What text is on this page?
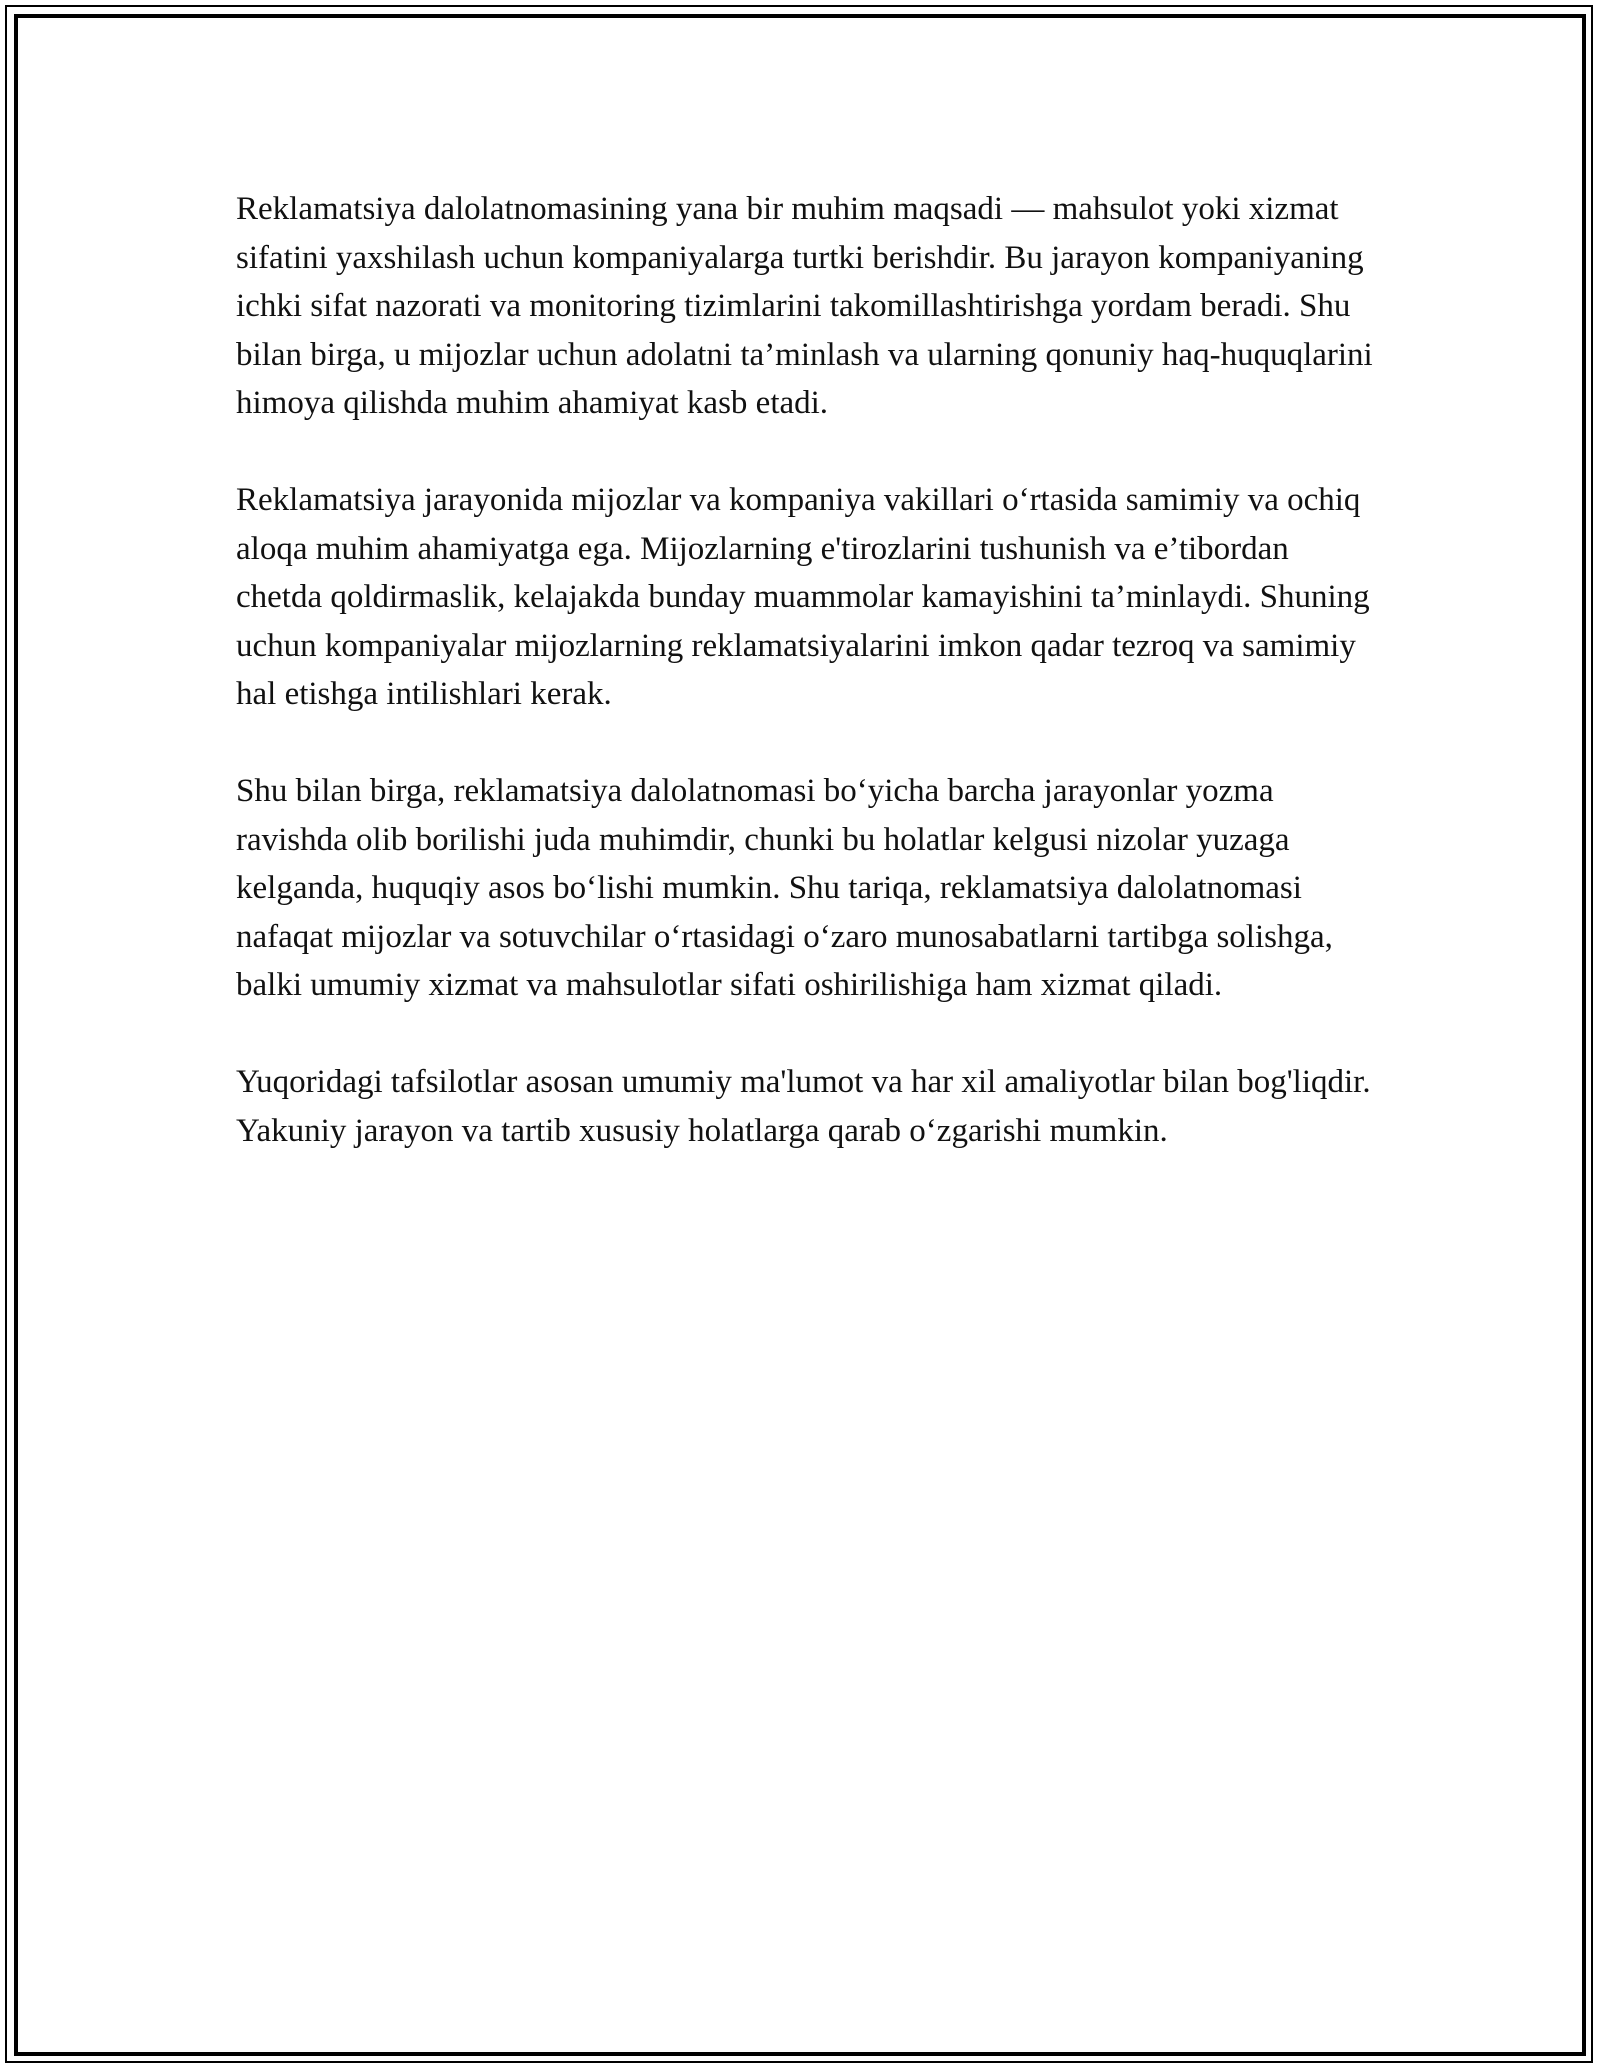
Reklamatsiya dalolatnomasining yana bir muhim maqsadi — mahsulot yoki xizmat sifatini yaxshilash uchun kompaniyalarga turtki berishdir. Bu jarayon kompaniyaning ichki sifat nazorati va monitoring tizimlarini takomillashtirishga yordam beradi. Shu bilan birga, u mijozlar uchun adolatni ta’minlash va ularning qonuniy haq-huquqlarini himoya qilishda muhim ahamiyat kasb etadi.

Reklamatsiya jarayonida mijozlar va kompaniya vakillari o‘rtasida samimiy va ochiq aloqa muhim ahamiyatga ega. Mijozlarning e'tirozlarini tushunish va e’tibordan chetda qoldirmaslik, kelajakda bunday muammolar kamayishini ta’minlaydi. Shuning uchun kompaniyalar mijozlarning reklamatsiyalarini imkon qadar tezroq va samimiy hal etishga intilishlari kerak.

Shu bilan birga, reklamatsiya dalolatnomasi bo‘yicha barcha jarayonlar yozma ravishda olib borilishi juda muhimdir, chunki bu holatlar kelgusi nizolar yuzaga kelganda, huquqiy asos bo‘lishi mumkin. Shu tariqa, reklamatsiya dalolatnomasi nafaqat mijozlar va sotuvchilar o‘rtasidagi o‘zaro munosabatlarni tartibga solishga, balki umumiy xizmat va mahsulotlar sifati oshirilishiga ham xizmat qiladi.

Yuqoridagi tafsilotlar asosan umumiy ma'lumot va har xil amaliyotlar bilan bog'liqdir. Yakuniy jarayon va tartib xususiy holatlarga qarab o‘zgarishi mumkin.
